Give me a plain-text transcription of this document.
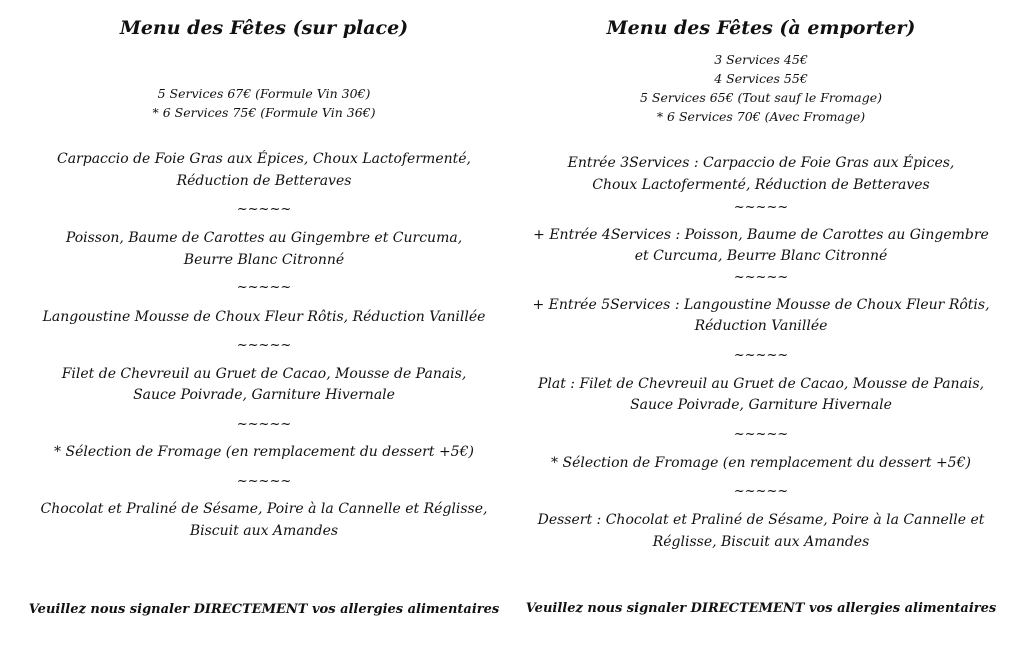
Menu des Fêtes (sur place)
5 Services 67€ (Formule Vin 30€)
* 6 Services 75€ (Formule Vin 36€)
Carpaccio de Foie Gras aux Épices, Choux Lactofermenté,
Réduction de Betteraves
~~~~~
Poisson, Baume de Carottes au Gingembre et Curcuma,
Beurre Blanc Citronné
~~~~~
Langoustine Mousse de Choux Fleur Rôtis, Réduction Vanillée
~~~~~
Filet de Chevreuil au Gruet de Cacao, Mousse de Panais,
Sauce Poivrade, Garniture Hivernale
~~~~~
* Sélection de Fromage (en remplacement du dessert +5€)
~~~~~
Chocolat et Praliné de Sésame, Poire à la Cannelle et Réglisse,
Biscuit aux Amandes
Veuillez nous signaler DIRECTEMENT vos allergies alimentaires
Menu des Fêtes (à emporter)
3 Services 45€
4 Services 55€
5 Services 65€ (Tout sauf le Fromage)
* 6 Services 70€ (Avec Fromage)
Entrée 3Services : Carpaccio de Foie Gras aux Épices,
Choux Lactofermenté, Réduction de Betteraves
~~~~~
+ Entrée 4Services : Poisson, Baume de Carottes au Gingembre
et Curcuma, Beurre Blanc Citronné
~~~~~
+ Entrée 5Services : Langoustine Mousse de Choux Fleur Rôtis,
Réduction Vanillée
~~~~~
Plat : Filet de Chevreuil au Gruet de Cacao, Mousse de Panais,
Sauce Poivrade, Garniture Hivernale
~~~~~
* Sélection de Fromage (en remplacement du dessert +5€)
~~~~~
Dessert : Chocolat et Praliné de Sésame, Poire à la Cannelle et
Réglisse, Biscuit aux Amandes
Veuillez nous signaler DIRECTEMENT vos allergies alimentaires
